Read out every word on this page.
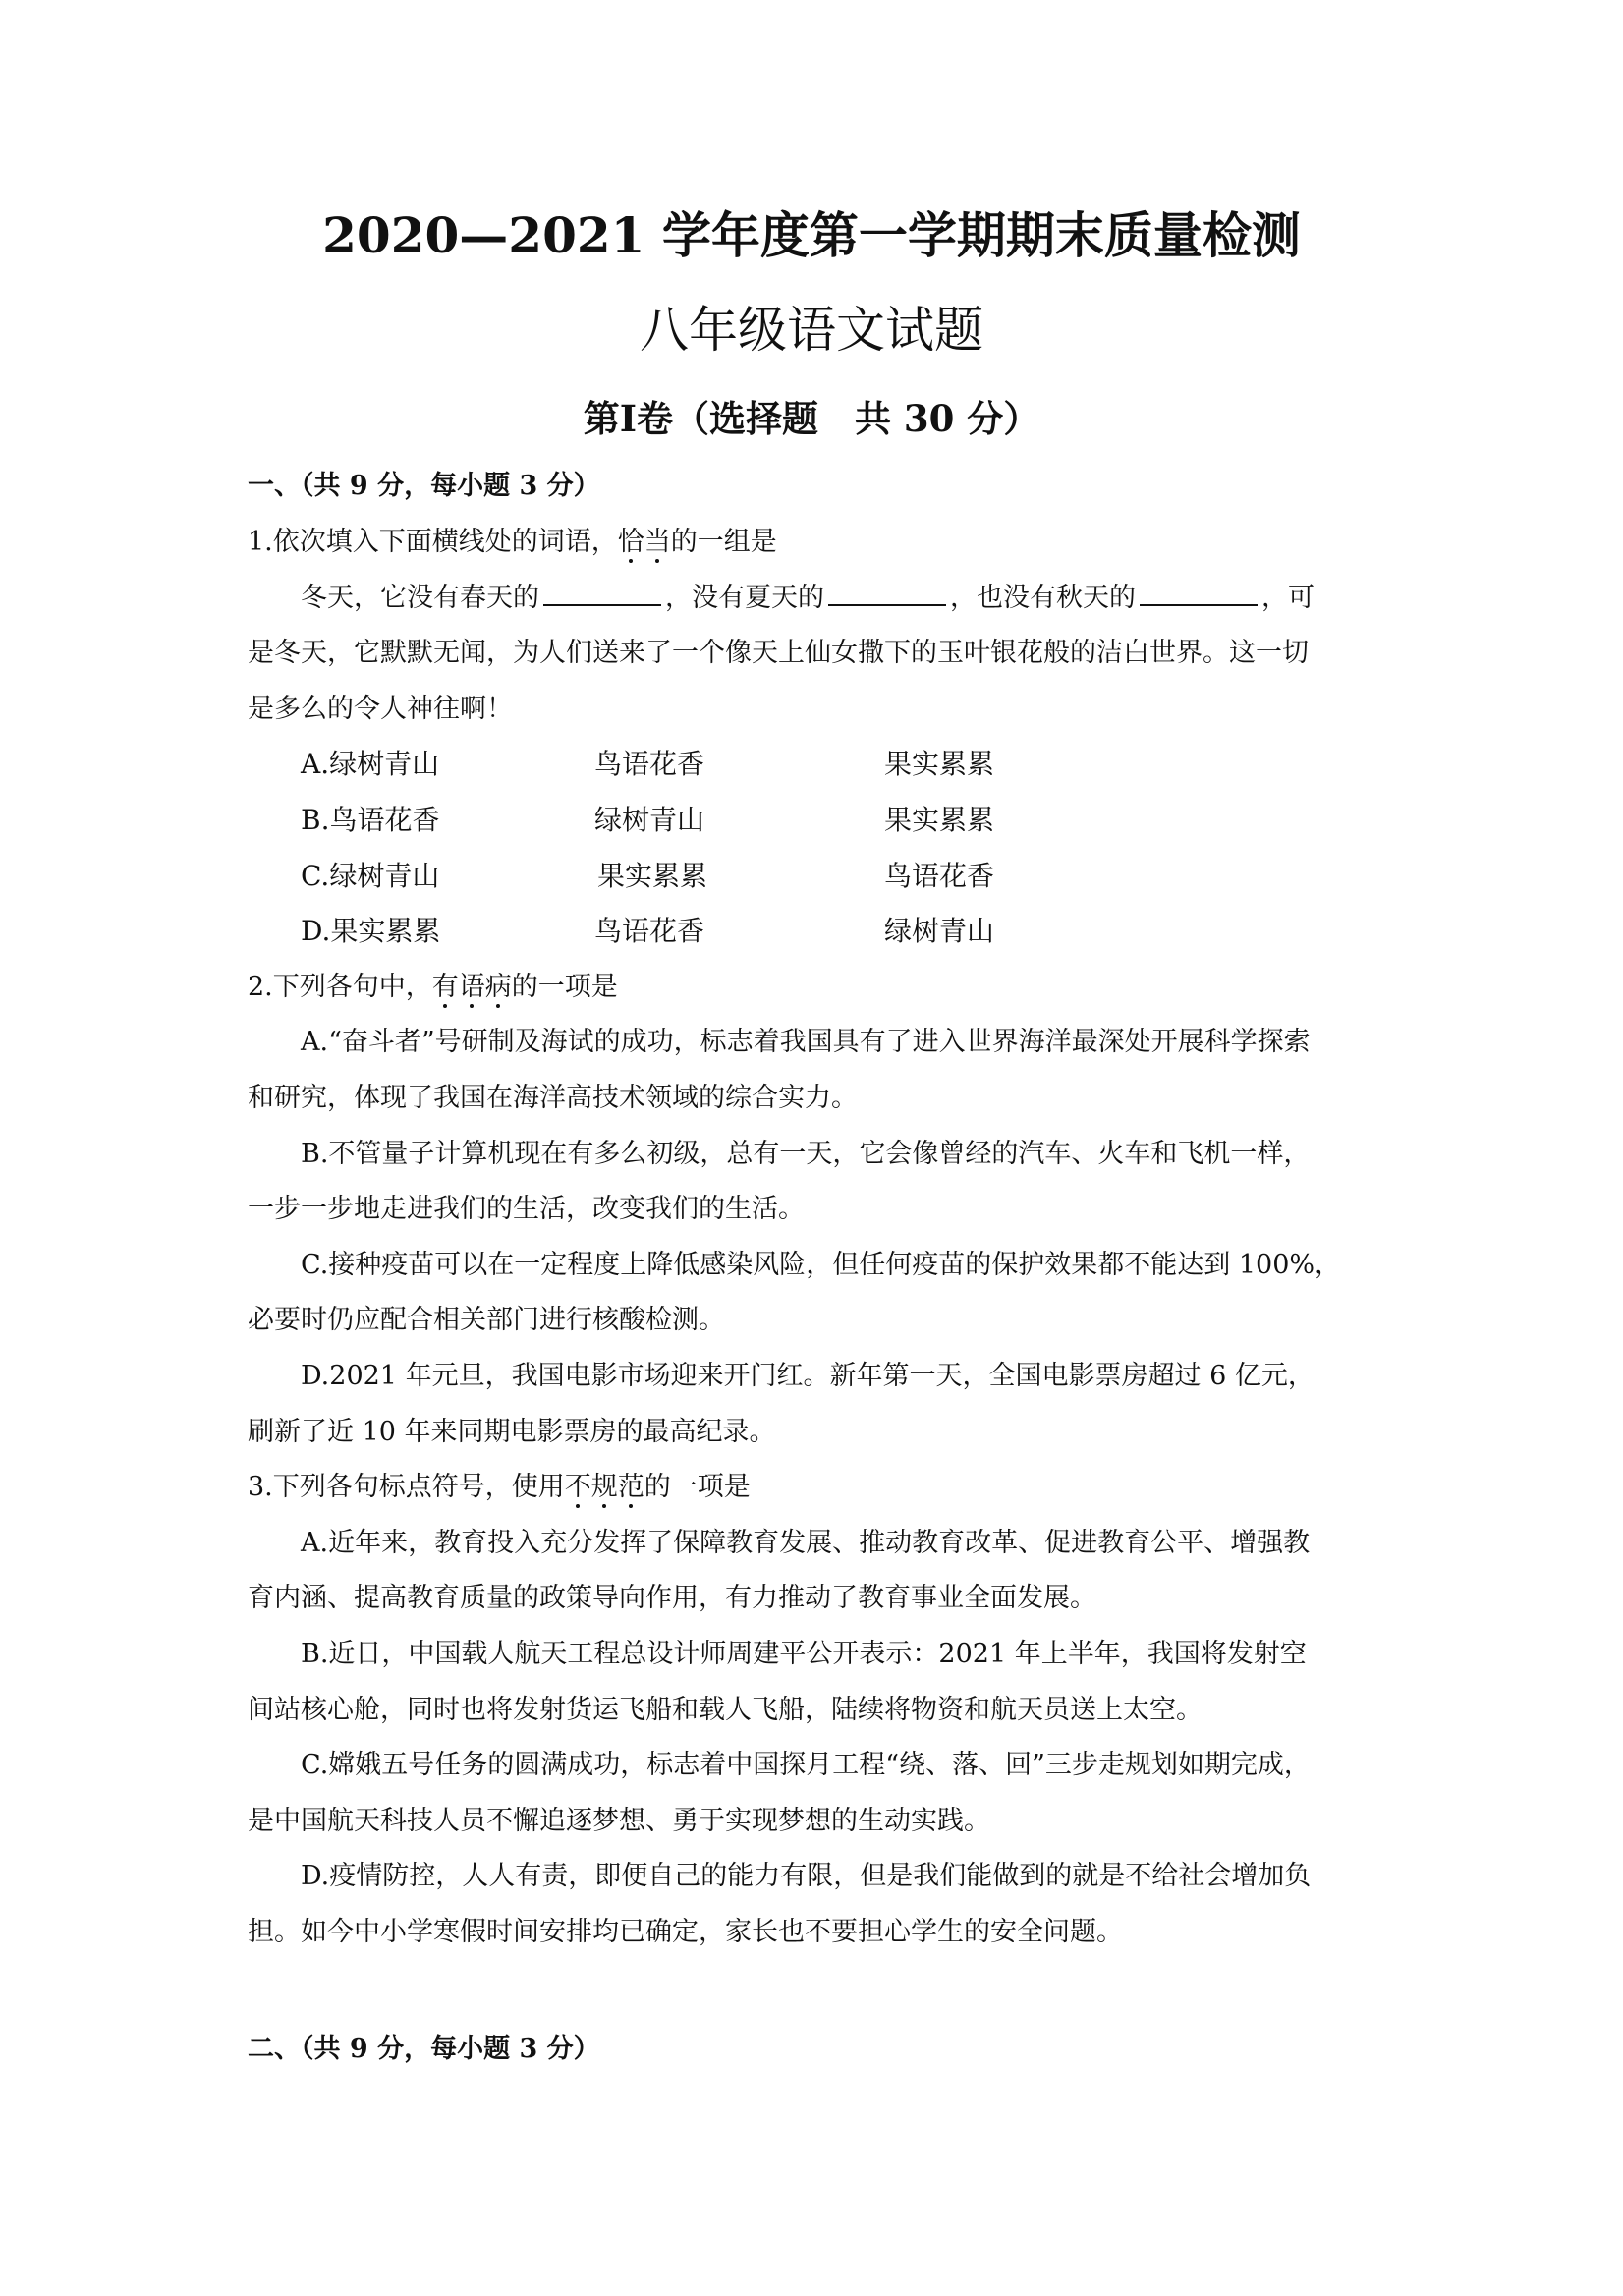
2020—2021 学年度第一学期期末质量检测
八年级语文试题
第Ⅰ卷（选择题　共 30 分）
一、（共 9 分，每小题 3 分）
1.依次填入下面横线处的词语，恰当的一组是
冬天，它没有春天的	，没有夏天的	，也没有秋天的	，可
是冬天，它默默无闻，为人们送来了一个像天上仙女撒下的玉叶银花般的洁白世界。这一切
是多么的令人神往啊！
A.绿树青山	鸟语花香	果实累累
B.鸟语花香	绿树青山	果实累累
C.绿树青山	果实累累	鸟语花香
D.果实累累	鸟语花香	绿树青山
2.下列各句中，有语病的一项是
A.“奋斗者”号研制及海试的成功，标志着我国具有了进入世界海洋最深处开展科学探索
和研究，体现了我国在海洋高技术领域的综合实力。
B.不管量子计算机现在有多么初级，总有一天，它会像曾经的汽车、火车和飞机一样，
一步一步地走进我们的生活，改变我们的生活。
C.接种疫苗可以在一定程度上降低感染风险，但任何疫苗的保护效果都不能达到 100%，
必要时仍应配合相关部门进行核酸检测。
D.2021 年元旦，我国电影市场迎来开门红。新年第一天，全国电影票房超过 6 亿元，
刷新了近 10 年来同期电影票房的最高纪录。
3.下列各句标点符号，使用不规范的一项是
A.近年来，教育投入充分发挥了保障教育发展、推动教育改革、促进教育公平、增强教
育内涵、提高教育质量的政策导向作用，有力推动了教育事业全面发展。
B.近日，中国载人航天工程总设计师周建平公开表示：2021 年上半年，我国将发射空
间站核心舱，同时也将发射货运飞船和载人飞船，陆续将物资和航天员送上太空。
C.嫦娥五号任务的圆满成功，标志着中国探月工程“绕、落、回”三步走规划如期完成，
是中国航天科技人员不懈追逐梦想、勇于实现梦想的生动实践。
D.疫情防控，人人有责，即便自己的能力有限，但是我们能做到的就是不给社会增加负
担。如今中小学寒假时间安排均已确定，家长也不要担心学生的安全问题。
二、（共 9 分，每小题 3 分）
